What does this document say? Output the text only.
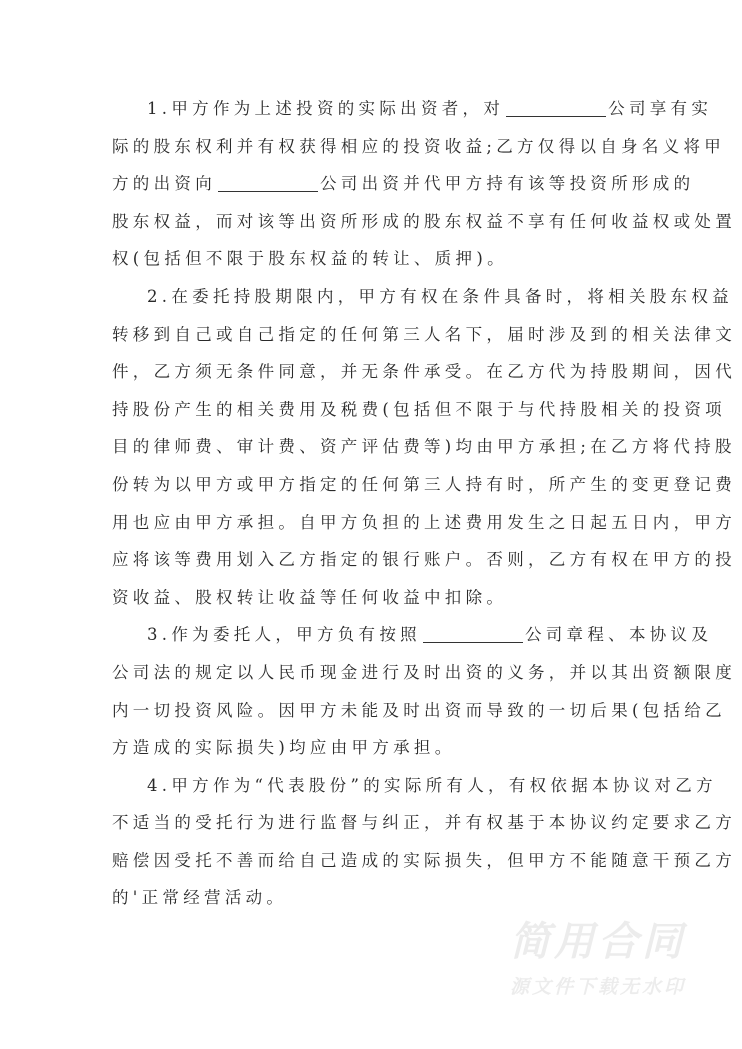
1.甲方作为上述投资的实际出资者，对	公司享有实
际的股东权利并有权获得相应的投资收益;乙方仅得以自身名义将甲
方的出资向	公司出资并代甲方持有该等投资所形成的
股东权益，而对该等出资所形成的股东权益不享有任何收益权或处置
权(包括但不限于股东权益的转让、质押)。
2.在委托持股期限内，甲方有权在条件具备时，将相关股东权益
转移到自己或自己指定的任何第三人名下，届时涉及到的相关法律文
件，乙方须无条件同意，并无条件承受。在乙方代为持股期间，因代
持股份产生的相关费用及税费(包括但不限于与代持股相关的投资项
目的律师费、审计费、资产评估费等)均由甲方承担;在乙方将代持股
份转为以甲方或甲方指定的任何第三人持有时，所产生的变更登记费
用也应由甲方承担。自甲方负担的上述费用发生之日起五日内，甲方
应将该等费用划入乙方指定的银行账户。否则，乙方有权在甲方的投
资收益、股权转让收益等任何收益中扣除。
3.作为委托人，甲方负有按照	公司章程、本协议及
公司法的规定以人民币现金进行及时出资的义务，并以其出资额限度
内一切投资风险。因甲方未能及时出资而导致的一切后果(包括给乙
方造成的实际损失)均应由甲方承担。
4.甲方作为“代表股份”的实际所有人，有权依据本协议对乙方
不适当的受托行为进行监督与纠正，并有权基于本协议约定要求乙方
赔偿因受托不善而给自己造成的实际损失，但甲方不能随意干预乙方
的'正常经营活动。
简用合同
源文件下载无水印
